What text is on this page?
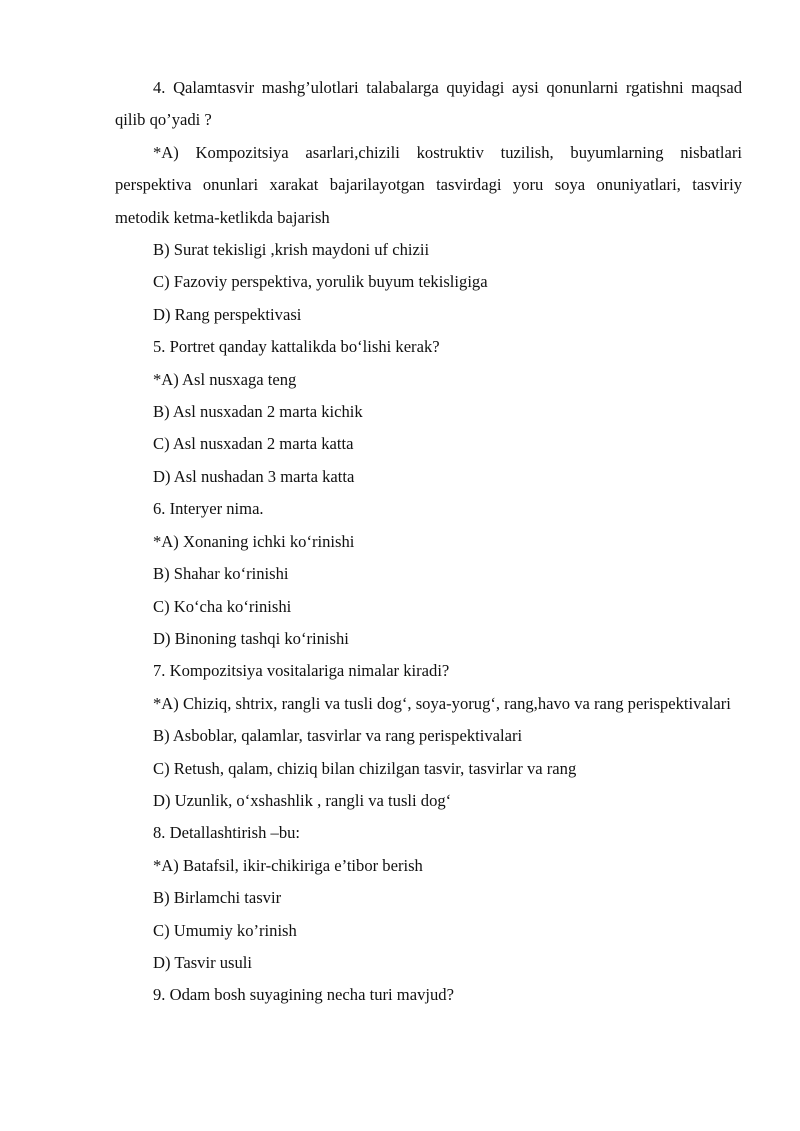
4. Qalamtasvir mashg’ulotlari talabalarga quyidagi aysi qonunlarni rgatishni maqsad qilib qo’yadi ?

*A) Kompozitsiya asarlari,chizili kostruktiv tuzilish, buyumlarning nisbatlari perspektiva onunlari xarakat bajarilayotgan tasvirdagi yoru soya onuniyatlari, tasviriy metodik ketma-ketlikda bajarish

B) Surat tekisligi ,krish maydoni uf chizii

C) Fazoviy perspektiva, yorulik buyum tekisligiga

D) Rang perspektivasi

5. Portret qanday kattalikda bo‘lishi kerak?

*A) Asl nusxaga teng

B) Asl nusxadan 2 marta kichik

C) Asl nusxadan 2 marta katta

D) Asl nushadan 3 marta katta

6. Interyer nima.

*A) Xonaning ichki ko‘rinishi

B) Shahar ko‘rinishi

C) Ko‘cha ko‘rinishi

D) Binoning tashqi ko‘rinishi

7. Kompozitsiya vositalariga nimalar kiradi?

*A) Chiziq, shtrix, rangli va tusli dog‘, soya-yorug‘, rang,havo va rang perispektivalari

B) Asboblar, qalamlar, tasvirlar va rang perispektivalari

C) Retush, qalam, chiziq bilan chizilgan tasvir, tasvirlar va rang

D) Uzunlik, o‘xshashlik , rangli va tusli dog‘

8. Detallashtirish –bu:

*A) Batafsil, ikir-chikiriga e’tibor berish

B) Birlamchi tasvir

C) Umumiy ko’rinish

D) Tasvir usuli

9. Odam bosh suyagining necha turi mavjud?
